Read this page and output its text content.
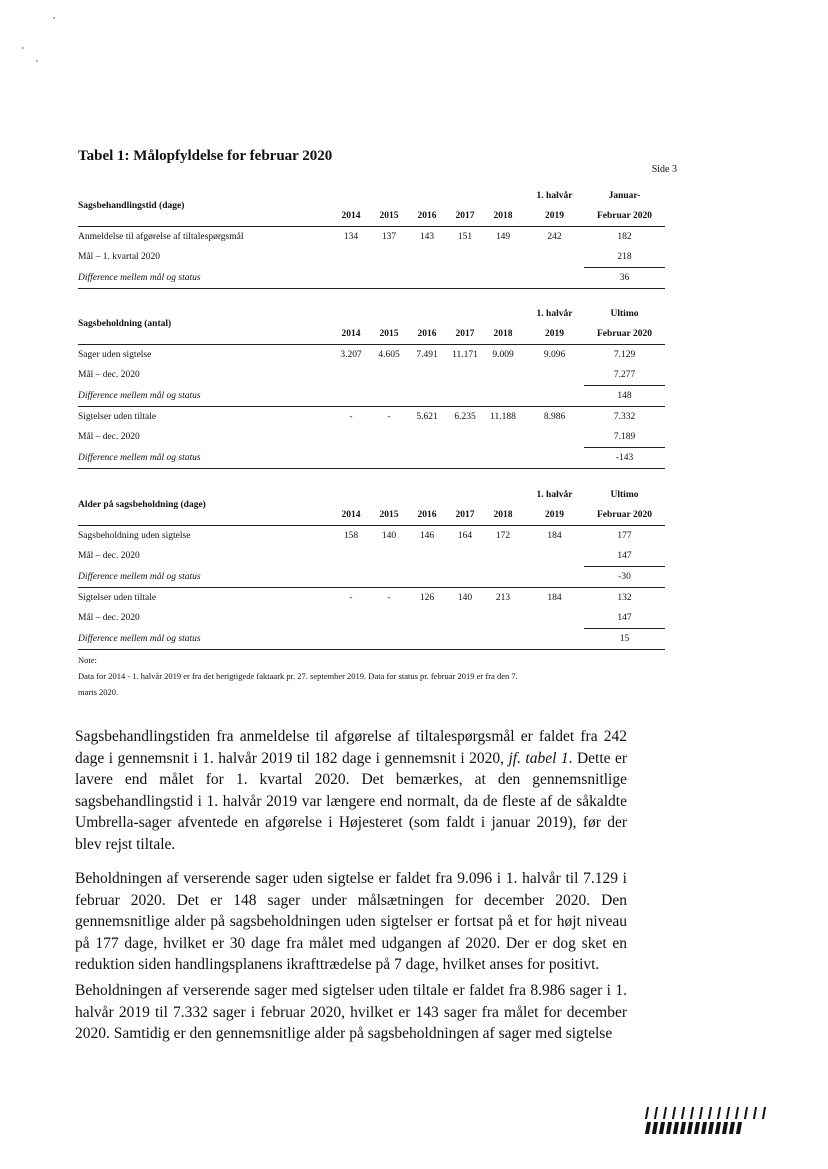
Tabel 1: Målopfyldelse for februar 2020
Side 3
Sagsbehandlingstid (dage)						1. halvår	Januar-
	2014	2015	2016	2017	2018	2019	Februar 2020
Anmeldelse til afgørelse af tiltalespørgsmål	134	137	143	151	149	242	182
Mål – 1. kvartal 2020							218
Difference mellem mål og status							36
Sagsbeholdning (antal)						1. halvår	Ultimo
	2014	2015	2016	2017	2018	2019	Februar 2020
Sager uden sigtelse	3.207	4.605	7.491	11.171	9.009	9.096	7.129
Mål – dec. 2020							7.277
Difference mellem mål og status							148
Sigtelser uden tiltale	-	-	5.621	6.235	11.188	8.986	7.332
Mål – dec. 2020							7.189
Difference mellem mål og status							-143
Alder på sagsbeholdning (dage)						1. halvår	Ultimo
	2014	2015	2016	2017	2018	2019	Februar 2020
Sagsbeholdning uden sigtelse	158	140	146	164	172	184	177
Mål – dec. 2020							147
Difference mellem mål og status							-30
Sigtelser uden tiltale	-	-	126	140	213	184	132
Mål – dec. 2020							147
Difference mellem mål og status							15
Note:
Data for 2014 - 1. halvår 2019 er fra det berigtigede faktaark pr. 27. september 2019. Data for status pr. februar 2019 er fra den 7.
marts 2020.

Sagsbehandlingstiden fra anmeldelse til afgørelse af tiltalespørgsmål er faldet fra 242 dage i gennemsnit i 1. halvår 2019 til 182 dage i gennemsnit i 2020, jf. tabel 1. Dette er lavere end målet for 1. kvartal 2020. Det bemærkes, at den gennemsnitlige sagsbehandlingstid i 1. halvår 2019 var længere end normalt, da de fleste af de såkaldte Umbrella-sager afventede en afgørelse i Højesteret (som faldt i januar 2019), før der blev rejst tiltale.

Beholdningen af verserende sager uden sigtelse er faldet fra 9.096 i 1. halvår til 7.129 i februar 2020. Det er 148 sager under målsætningen for december 2020. Den gennemsnitlige alder på sagsbeholdningen uden sigtelser er fortsat på et for højt niveau på 177 dage, hvilket er 30 dage fra målet med udgangen af 2020. Der er dog sket en reduktion siden handlingsplanens ikrafttrædelse på 7 dage, hvilket anses for positivt.

Beholdningen af verserende sager med sigtelser uden tiltale er faldet fra 8.986 sager i 1. halvår 2019 til 7.332 sager i februar 2020, hvilket er 143 sager fra målet for december 2020. Samtidig er den gennemsnitlige alder på sagsbeholdningen af sager med sigtelse
